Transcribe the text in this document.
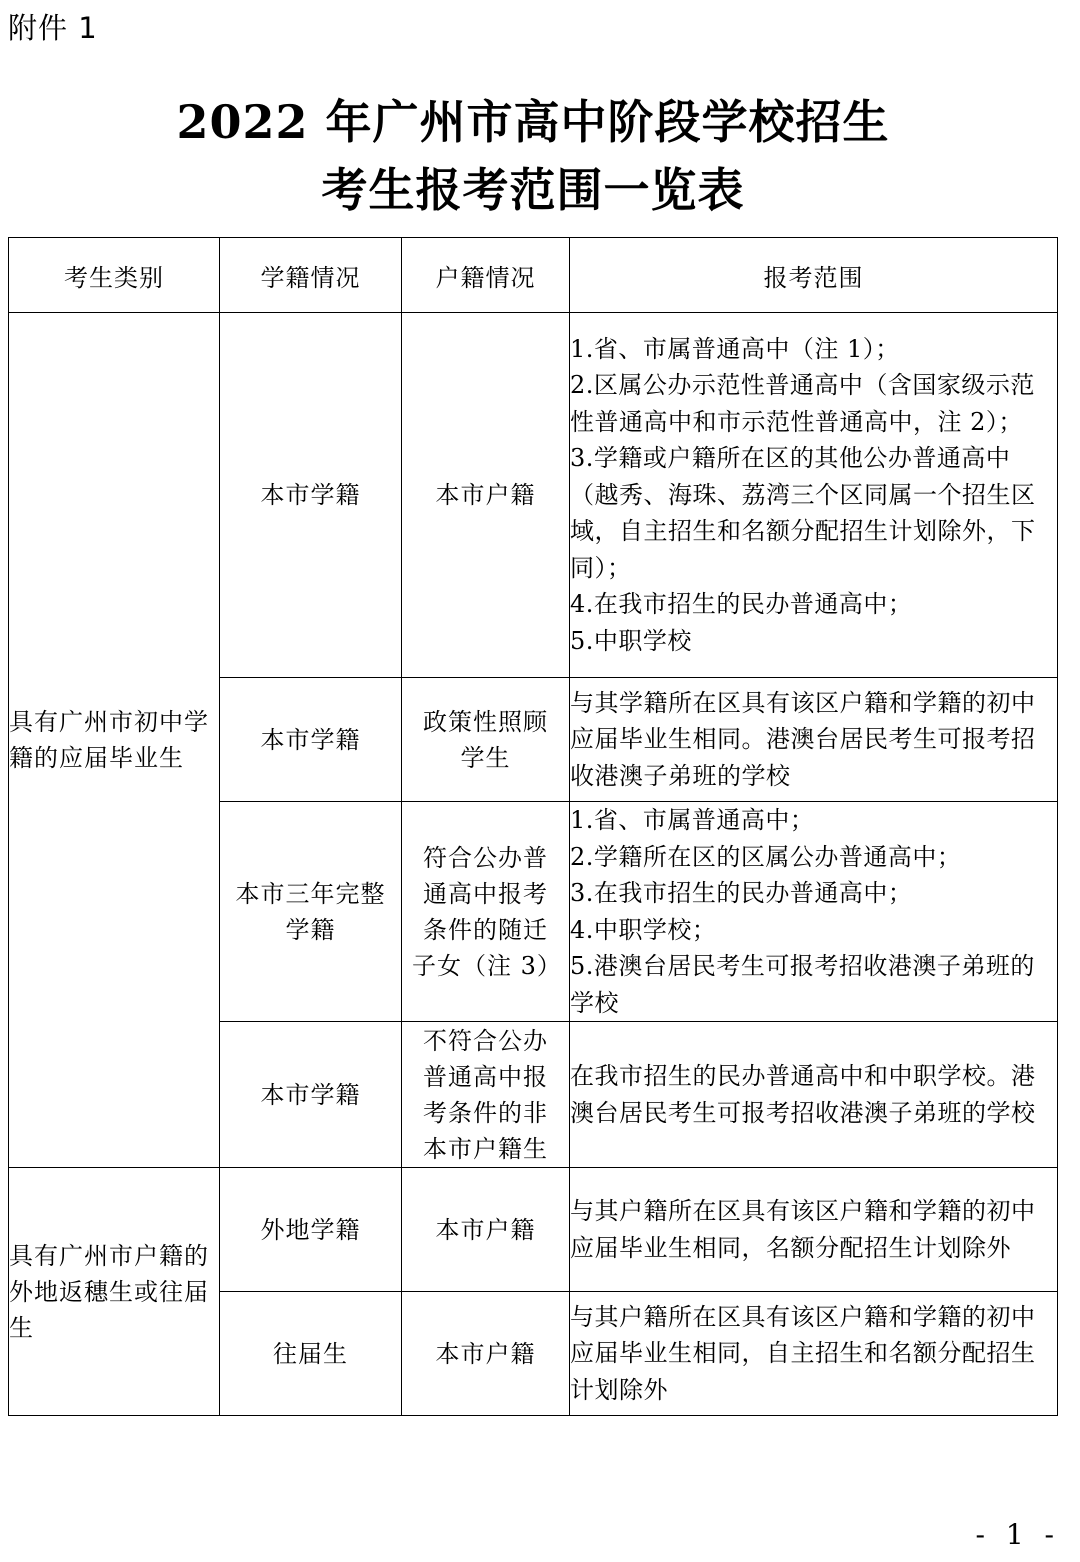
附件 1
2022 年广州市高中阶段学校招生
考生报考范围一览表
考生类别	学籍情况	户籍情况	报考范围
具有广州市初中学籍的应届毕业生	本市学籍	本市户籍	1.省、市属普通高中（注 1）；
2.区属公办示范性普通高中（含国家级示范性普通高中和市示范性普通高中，注 2）；
3.学籍或户籍所在区的其他公办普通高中（越秀、海珠、荔湾三个区同属一个招生区域，自主招生和名额分配招生计划除外，下同）；
4.在我市招生的民办普通高中；
5.中职学校

	本市学籍	政策性照顾学生	与其学籍所在区具有该区户籍和学籍的初中应届毕业生相同。港澳台居民考生可报考招收港澳子弟班的学校

	本市三年完整学籍	符合公办普通高中报考条件的随迁子女（注 3）	1.省、市属普通高中；
2.学籍所在区的区属公办普通高中；
3.在我市招生的民办普通高中；
4.中职学校；
5.港澳台居民考生可报考招收港澳子弟班的学校

	本市学籍	不符合公办普通高中报考条件的非本市户籍生	在我市招生的民办普通高中和中职学校。港澳台居民考生可报考招收港澳子弟班的学校

具有广州市户籍的外地返穗生或往届生	外地学籍	本市户籍	与其户籍所在区具有该区户籍和学籍的初中应届毕业生相同，名额分配招生计划除外

	往届生	本市户籍	与其户籍所在区具有该区户籍和学籍的初中应届毕业生相同，自主招生和名额分配招生计划除外
- 1 -
